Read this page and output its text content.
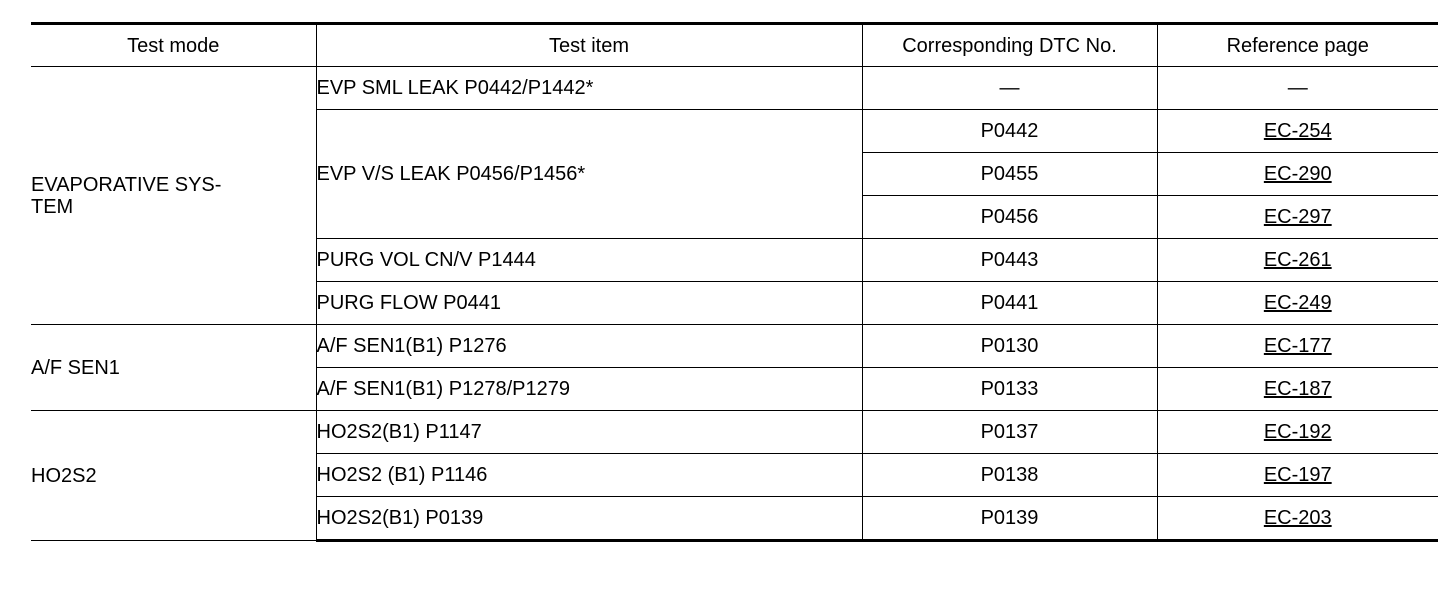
Test mode	Test item	Corresponding DTC No.	Reference page
EVAPORATIVE SYS-
TEM	EVP SML LEAK P0442/P1442*	—	—
	EVP V/S LEAK P0456/P1456*	P0442	EC-254
		P0455	EC-290
		P0456	EC-297
	PURG VOL CN/V P1444	P0443	EC-261
	PURG FLOW P0441	P0441	EC-249
A/F SEN1	A/F SEN1(B1) P1276	P0130	EC-177
	A/F SEN1(B1) P1278/P1279	P0133	EC-187
HO2S2	HO2S2(B1) P1147	P0137	EC-192
	HO2S2 (B1) P1146	P0138	EC-197
	HO2S2(B1) P0139	P0139	EC-203
